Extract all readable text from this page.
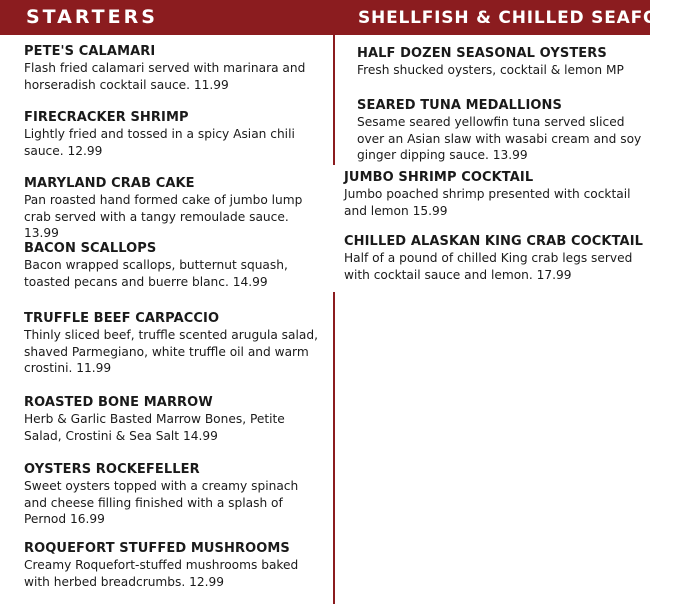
STARTERS	SHELLFISH & CHILLED SEAFOOD
PETE'S CALAMARI
Flash fried calamari served with marinara and horseradish cocktail sauce. 11.99
FIRECRACKER SHRIMP
Lightly fried and tossed in a spicy Asian chili sauce. 12.99
MARYLAND CRAB CAKE
Pan roasted hand formed cake of jumbo lump crab served with a tangy remoulade sauce. 13.99
BACON SCALLOPS
Bacon wrapped scallops, butternut squash, toasted pecans and buerre blanc. 14.99
TRUFFLE BEEF CARPACCIO
Thinly sliced beef, truffle scented arugula salad, shaved Parmegiano, white truffle oil and warm crostini. 11.99
ROASTED BONE MARROW
Herb & Garlic Basted Marrow Bones, Petite Salad, Crostini & Sea Salt 14.99
OYSTERS ROCKEFELLER
Sweet oysters topped with a creamy spinach and cheese filling finished with a splash of Pernod 16.99
ROQUEFORT STUFFED MUSHROOMS
Creamy Roquefort-stuffed mushrooms baked with herbed breadcrumbs. 12.99
HALF DOZEN SEASONAL OYSTERS
Fresh shucked oysters, cocktail & lemon MP
SEARED TUNA MEDALLIONS
Sesame seared yellowfin tuna served sliced over an Asian slaw with wasabi cream and soy ginger dipping sauce. 13.99
JUMBO SHRIMP COCKTAIL
Jumbo poached shrimp presented with cocktail and lemon 15.99
CHILLED ALASKAN KING CRAB COCKTAIL
Half of a pound of chilled King crab legs served with cocktail sauce and lemon. 17.99
